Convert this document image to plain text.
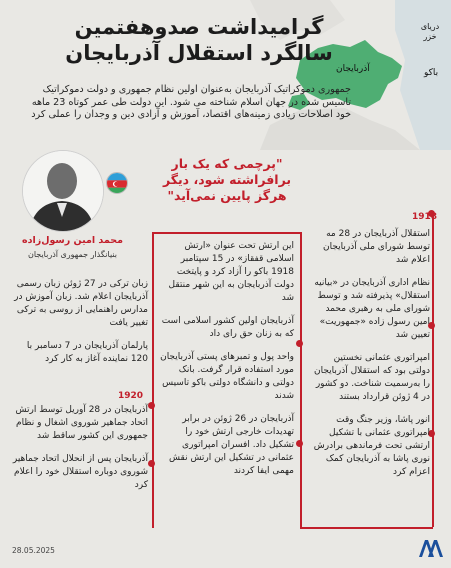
آذربایجان	باکو
دریای
خزر
گرامیداشت صدوهفتمین
سالگرد استقلال آذربایجان
جمهوری دموکراتیک آذربایجان به‌عنوان اولین نظام جمهوری و دولت دموکراتیک تاسیس شده در جهان اسلام شناخته می شود. این دولت طی عمر کوتاه 23 ماهه خود اصلاحات زیادی زمینه‌های اقتصاد، آموزش و آزادی دین و وجدان را عملی کرد
محمد امین رسول‌زاده
بنیانگذار جمهوری آذربایجان
"پرچمی که یک بار برافراشته شود، دیگر هرگز پایین نمی‌آید"
1918
1920

استقلال آذربایجان در 28 مه توسط شورای ملی آذربایجان اعلام شد

نظام اداری آذربایجان در «بیانیه استقلال» پذیرفته شد و توسط شورای ملی به رهبری محمد امین رسول زاده «جمهوریت» تعیین شد

امپراتوری عثمانی نخستین دولتی بود که استقلال آذربایجان را به‌رسمیت شناخت. دو کشور در 4 ژوئن قرارداد بستند

انور پاشا، وزیر جنگ وقت امپراتوری عثمانی با تشکیل ارتشی تحت فرماندهی برادرش نوری پاشا به آذربایجان کمک اعزام کرد

این ارتش تحت عنوان «ارتش اسلامی قفقاز» در 15 سپتامبر 1918 باکو را آزاد کرد و پایتخت دولت آذربایجان به این شهر منتقل شد

آذربایجان اولین کشور اسلامی است که به زنان حق رای داد

واحد پول و تمبرهای پستی آذربایجان مورد استفاده قرار گرفت. بانک دولتی و دانشگاه دولتی باکو تاسیس شدند

آذربایجان در 26 ژوئن در برابر تهدیدات خارجی ارتش خود را تشکیل داد. افسران امپراتوری عثمانی در تشکیل این ارتش نقش مهمی ایفا کردند

زبان ترکی در 27 ژوئن زبان رسمی آذربایجان اعلام شد. زبان آموزش در مدارس راهنمایی از روسی به ترکی تغییر یافت

پارلمان آذربایجان در 7 دسامبر با 120 نماینده آغاز به کار کرد

آذربایجان در 28 آوریل توسط ارتش اتحاد جماهیر شوروی اشغال و نظام جمهوری این کشور ساقط شد

آذربایجان پس از انحلال اتحاد جماهیر شوروی دوباره استقلال خود را اعلام کرد

28.05.2025
